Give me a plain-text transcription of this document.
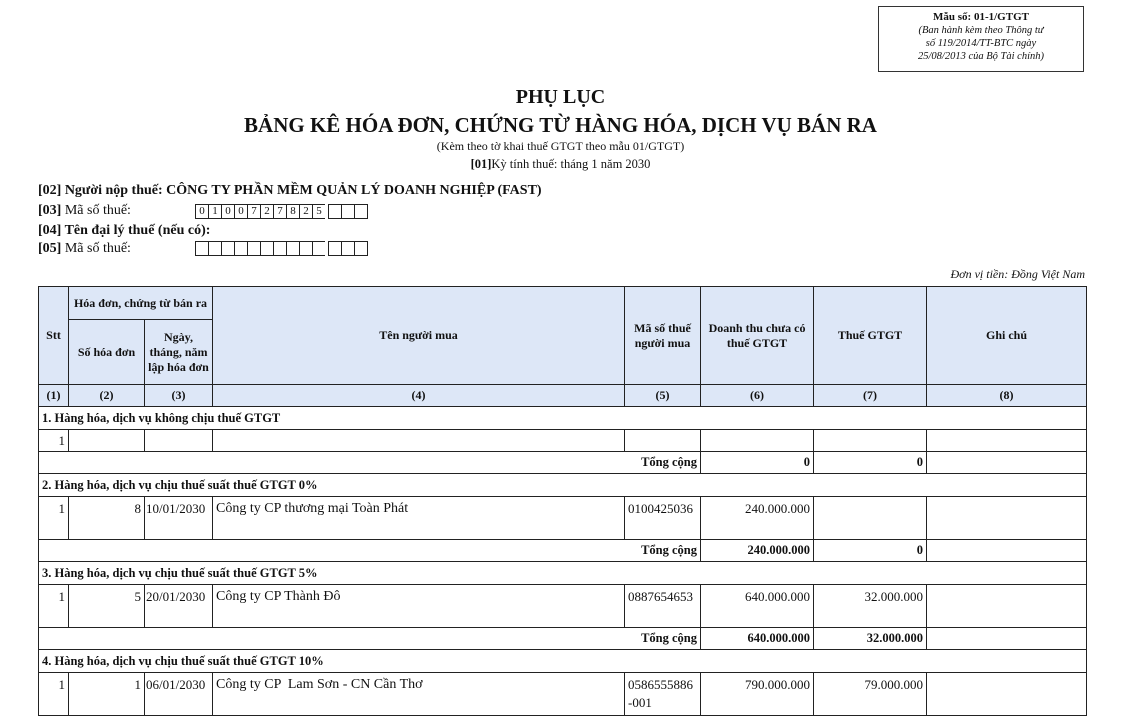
Mẫu số: 01-1/GTGT
(Ban hành kèm theo Thông tư
số 119/2014/TT-BTC ngày
25/08/2013 của Bộ Tài chính)
PHỤ LỤC
BẢNG KÊ HÓA ĐƠN, CHỨNG TỪ HÀNG HÓA, DỊCH VỤ BÁN RA
(Kèm theo tờ khai thuế GTGT theo mẫu 01/GTGT)
[01]Kỳ tính thuế: tháng 1 năm 2030
[02] Người nộp thuế: CÔNG TY PHẦN MỀM QUẢN LÝ DOANH NGHIỆP (FAST)
[03] Mã số thuế:	0 1 0 0 7 2 7 8 2 5
[04] Tên đại lý thuế (nếu có):
[05] Mã số thuế:
Đơn vị tiền: Đồng Việt Nam
Stt	Hóa đơn, chứng từ bán ra		Tên người mua	Mã số thuế người mua	Doanh thu chưa có thuế GTGT	Thuế GTGT	Ghi chú
	Số hóa đơn	Ngày, tháng, năm lập hóa đơn					
(1)	(2)	(3)	(4)	(5)	(6)	(7)	(8)
1. Hàng hóa, dịch vụ không chịu thuế GTGT							
1							
Tổng cộng					0	0	
2. Hàng hóa, dịch vụ chịu thuế suất thuế GTGT 0%							
1	8	10/01/2030	Công ty CP thương mại Toàn Phát	0100425036	240.000.000		
Tổng cộng					240.000.000	0	
3. Hàng hóa, dịch vụ chịu thuế suất thuế GTGT 5%							
1	5	20/01/2030	Công ty CP Thành Đô	0887654653	640.000.000	32.000.000	
Tổng cộng					640.000.000	32.000.000	
4. Hàng hóa, dịch vụ chịu thuế suất thuế GTGT 10%							
1	1	06/01/2030	Công ty CP  Lam Sơn - CN Cần Thơ	0586555886-001	790.000.000	79.000.000	
